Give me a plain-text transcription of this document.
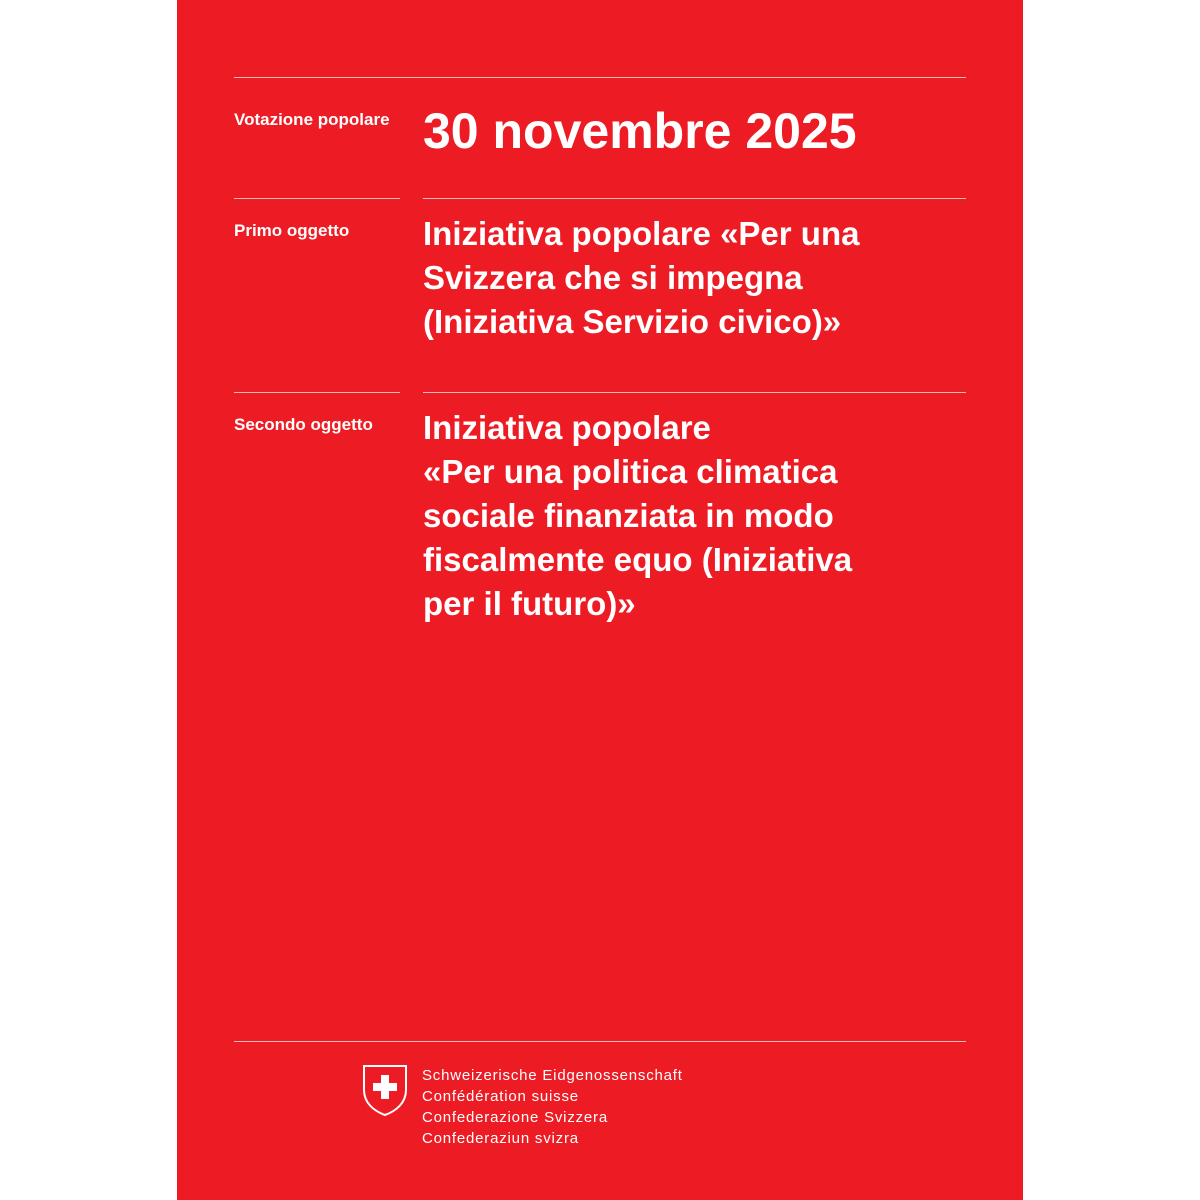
Votazione popolare 30 novembre 2025
Primo oggetto Iniziativa popolare «Per una
Svizzera che si impegna
(Iniziativa Servizio civico)»
Secondo oggetto Iniziativa popolare
«Per una politica climatica
sociale finanziata in modo
fiscalmente equo (Iniziativa
per il futuro)»
Schweizerische Eidgenossenschaft
Confédération suisse
Confederazione Svizzera
Confederaziun svizra
